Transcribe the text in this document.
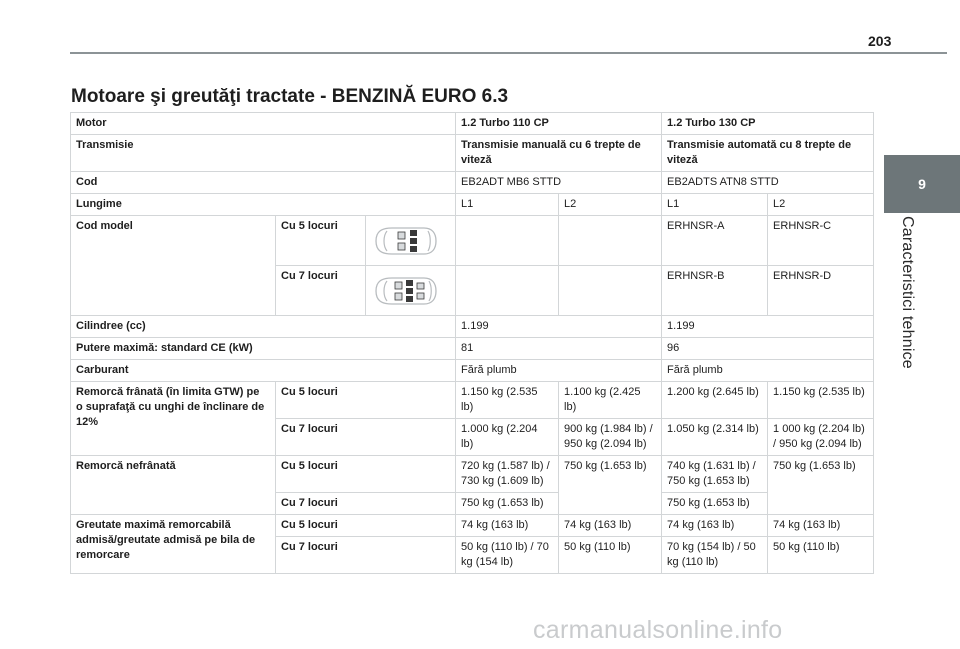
203
9
Caracteristici tehnice
Motoare şi greutăţi tractate - BENZINĂ EURO 6.3
Motor			1.2 Turbo 110 CP		1.2 Turbo 130 CP	
Transmisie			Transmisie manuală cu 6 trepte de viteză		Transmisie automată cu 8 trepte de viteză	
Cod			EB2ADT MB6 STTD		EB2ADTS ATN8 STTD	
Lungime			L1	L2	L1	L2
Cod model	Cu 5 locuri				ERHNSR-A	ERHNSR-C
	Cu 7 locuri				ERHNSR-B	ERHNSR-D
Cilindree (cc)			1.199		1.199	
Putere maximă: standard CE (kW)			81		96	
Carburant			Fără plumb		Fără plumb	
Remorcă frânată (în limita GTW) pe o suprafaţă cu unghi de înclinare de 12%	Cu 5 locuri		1.150 kg (2.535 lb)	1.100 kg (2.425 lb)	1.200 kg (2.645 lb)	1.150 kg (2.535 lb)
	Cu 7 locuri		1.000 kg (2.204 lb)	900 kg (1.984 lb) / 950 kg (2.094 lb)	1.050 kg (2.314 lb)	1 000 kg (2.204 lb) / 950 kg (2.094 lb)
Remorcă nefrânată	Cu 5 locuri		720 kg (1.587 lb) / 730 kg (1.609 lb)	750 kg (1.653 lb)	740 kg (1.631 lb) / 750 kg (1.653 lb)	750 kg (1.653 lb)
	Cu 7 locuri		750 kg (1.653 lb)		750 kg (1.653 lb)	
Greutate maximă remorcabilă admisă/greutate admisă pe bila de remorcare	Cu 5 locuri		74 kg (163 lb)	74 kg (163 lb)	74 kg (163 lb)	74 kg (163 lb)
	Cu 7 locuri		50 kg (110 lb) / 70 kg (154 lb)	50 kg (110 lb)	70 kg (154 lb) / 50 kg (110 lb)	50 kg (110 lb)
carmanualsonline.info
